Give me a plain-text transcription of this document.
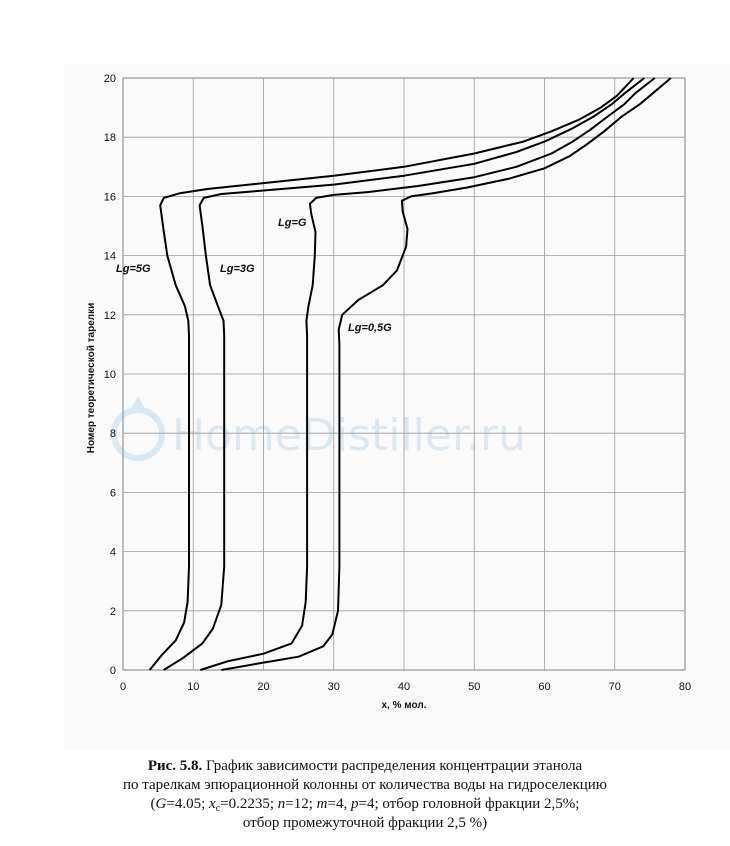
HomeDistiller.ru
0	10	20	30	40	50	60	70	80
0
2
4
6
8
10
12
14
16
18
20
Lg=5G	Lg=3G
Lg=G
Lg=0,5G
x, % мол.
Номер теоретической тарелки
Рис. 5.8. График зависимости распределения концентрации этанола
по тарелкам эпюрационной колонны от количества воды на гидроселекцию
(G=4.05; $x_c=0.2235$; n=12; m=4, p=4; отбор головной фракции 2,5%;
отбор промежуточной фракции 2,5 %)
